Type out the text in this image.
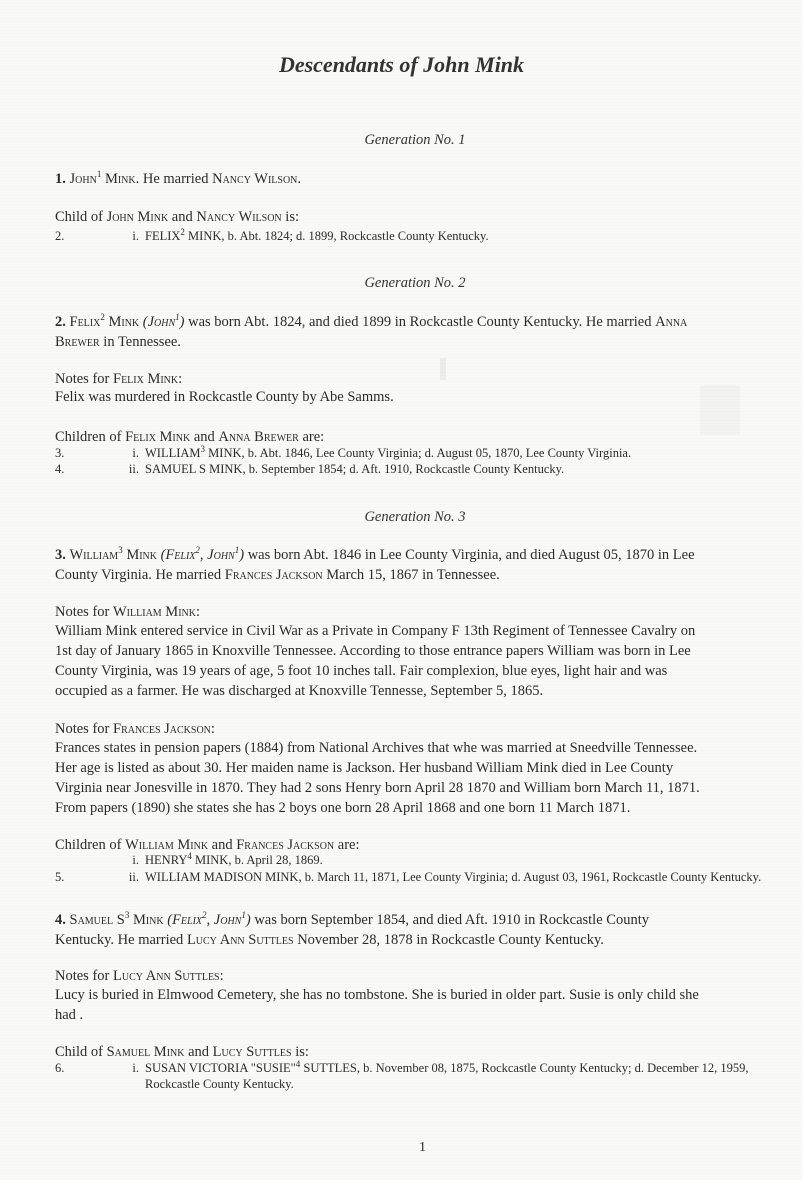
Descendants of John Mink
Generation No. 1
1. John$^1$ Mink. He married Nancy Wilson.
Child of John Mink and Nancy Wilson is:
2.	i. FELIX$^2$ MINK, b. Abt. 1824; d. 1899, Rockcastle County Kentucky.
Generation No. 2
2. Felix$^2$ Mink (John$^1$) was born Abt. 1824, and died 1899 in Rockcastle County Kentucky. He married Anna
Brewer in Tennessee.
Notes for Felix Mink:
Felix was murdered in Rockcastle County by Abe Samms.
Children of Felix Mink and Anna Brewer are:
3.	i. WILLIAM$^3$ MINK, b. Abt. 1846, Lee County Virginia; d. August 05, 1870, Lee County Virginia.
4.	ii. SAMUEL S MINK, b. September 1854; d. Aft. 1910, Rockcastle County Kentucky.
Generation No. 3
3. William$^3$ Mink (Felix$^2$, John$^1$) was born Abt. 1846 in Lee County Virginia, and died August 05, 1870 in Lee
County Virginia. He married Frances Jackson March 15, 1867 in Tennessee.
Notes for William Mink:
William Mink entered service in Civil War as a Private in Company F 13th Regiment of Tennessee Cavalry on
1st day of January 1865 in Knoxville Tennessee. According to those entrance papers William was born in Lee
County Virginia, was 19 years of age, 5 foot 10 inches tall. Fair complexion, blue eyes, light hair and was
occupied as a farmer. He was discharged at Knoxville Tennesse, September 5, 1865.
Notes for Frances Jackson:
Frances states in pension papers (1884) from National Archives that whe was married at Sneedville Tennessee.
Her age is listed as about 30. Her maiden name is Jackson. Her husband William Mink died in Lee County
Virginia near Jonesville in 1870. They had 2 sons Henry born April 28 1870 and William born March 11, 1871.
From papers (1890) she states she has 2 boys one born 28 April 1868 and one born 11 March 1871.
Children of William Mink and Frances Jackson are:
i. HENRY$^4$ MINK, b. April 28, 1869.
5.	ii. WILLIAM MADISON MINK, b. March 11, 1871, Lee County Virginia; d. August 03, 1961, Rockcastle County Kentucky.
4. Samuel $S^3$ Mink (Felix$^2$, John$^1$) was born September 1854, and died Aft. 1910 in Rockcastle County
Kentucky. He married Lucy Ann Suttles November 28, 1878 in Rockcastle County Kentucky.
Notes for Lucy Ann Suttles:
Lucy is buried in Elmwood Cemetery, she has no tombstone. She is buried in older part. Susie is only child she
had .
Child of Samuel Mink and Lucy Suttles is:
6.	i. SUSAN VICTORIA "SUSIE"$^4$ SUTTLES, b. November 08, 1875, Rockcastle County Kentucky; d. December 12, 1959, Rockcastle County Kentucky.
1
